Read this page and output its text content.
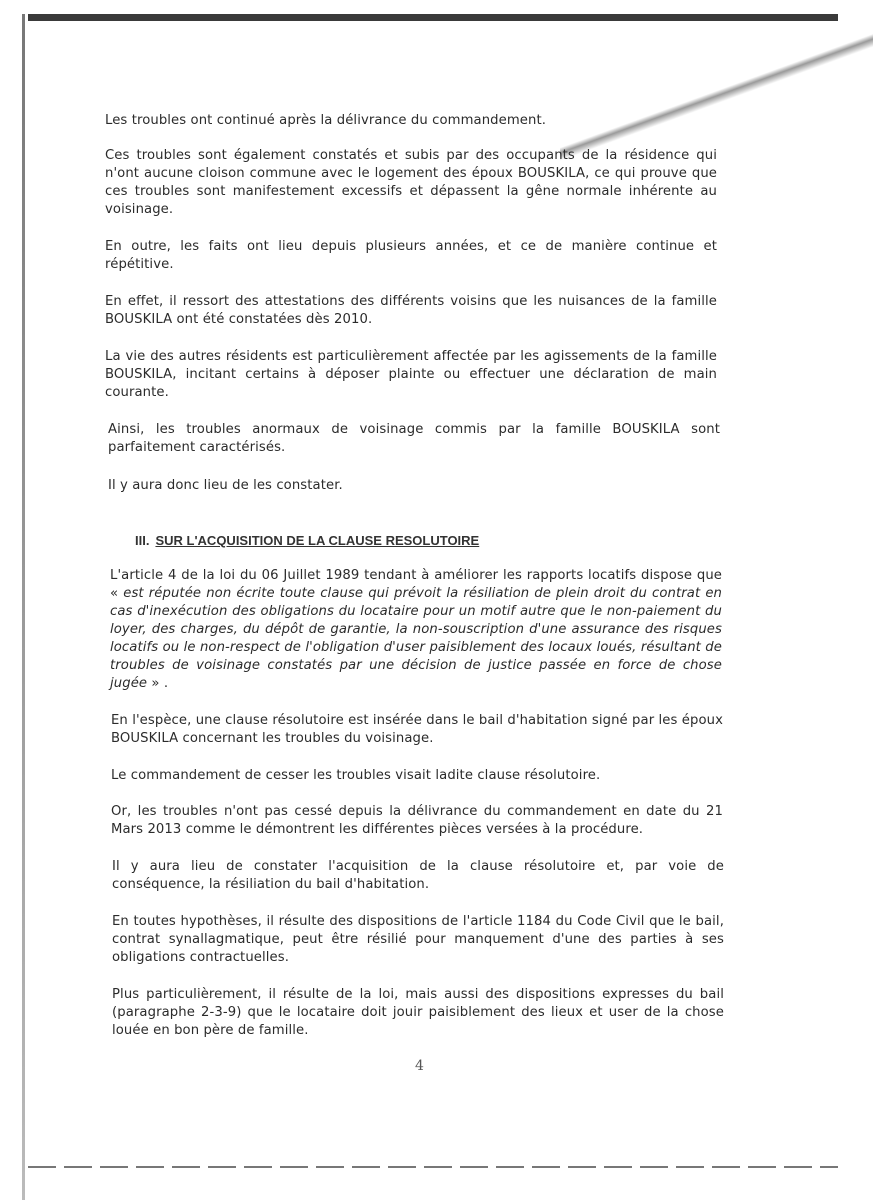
Les troubles ont continué après la délivrance du commandement.

Ces troubles sont également constatés et subis par des occupants de la résidence qui n'ont aucune cloison commune avec le logement des époux BOUSKILA, ce qui prouve que ces troubles sont manifestement excessifs et dépassent la gêne normale inhérente au voisinage.

En outre, les faits ont lieu depuis plusieurs années, et ce de manière continue et répétitive.

En effet, il ressort des attestations des différents voisins que les nuisances de la famille BOUSKILA ont été constatées dès 2010.

La vie des autres résidents est particulièrement affectée par les agissements de la famille BOUSKILA, incitant certains à déposer plainte ou effectuer une déclaration de main courante.

Ainsi, les troubles anormaux de voisinage commis par la famille BOUSKILA sont parfaitement caractérisés.

Il y aura donc lieu de les constater.

III. SUR L'ACQUISITION DE LA CLAUSE RESOLUTOIRE

L'article 4 de la loi du 06 Juillet 1989 tendant à améliorer les rapports locatifs dispose que « est réputée non écrite toute clause qui prévoit la résiliation de plein droit du contrat en cas d'inexécution des obligations du locataire pour un motif autre que le non-paiement du loyer, des charges, du dépôt de garantie, la non-souscription d'une assurance des risques locatifs ou le non-respect de l'obligation d'user paisiblement des locaux loués, résultant de troubles de voisinage constatés par une décision de justice passée en force de chose jugée » .

En l'espèce, une clause résolutoire est insérée dans le bail d'habitation signé par les époux BOUSKILA concernant les troubles du voisinage.

Le commandement de cesser les troubles visait ladite clause résolutoire.

Or, les troubles n'ont pas cessé depuis la délivrance du commandement en date du 21 Mars 2013 comme le démontrent les différentes pièces versées à la procédure.

Il y aura lieu de constater l'acquisition de la clause résolutoire et, par voie de conséquence, la résiliation du bail d'habitation.

En toutes hypothèses, il résulte des dispositions de l'article 1184 du Code Civil que le bail, contrat synallagmatique, peut être résilié pour manquement d'une des parties à ses obligations contractuelles.

Plus particulièrement, il résulte de la loi, mais aussi des dispositions expresses du bail (paragraphe 2-3-9) que le locataire doit jouir paisiblement des lieux et user de la chose louée en bon père de famille.

4
